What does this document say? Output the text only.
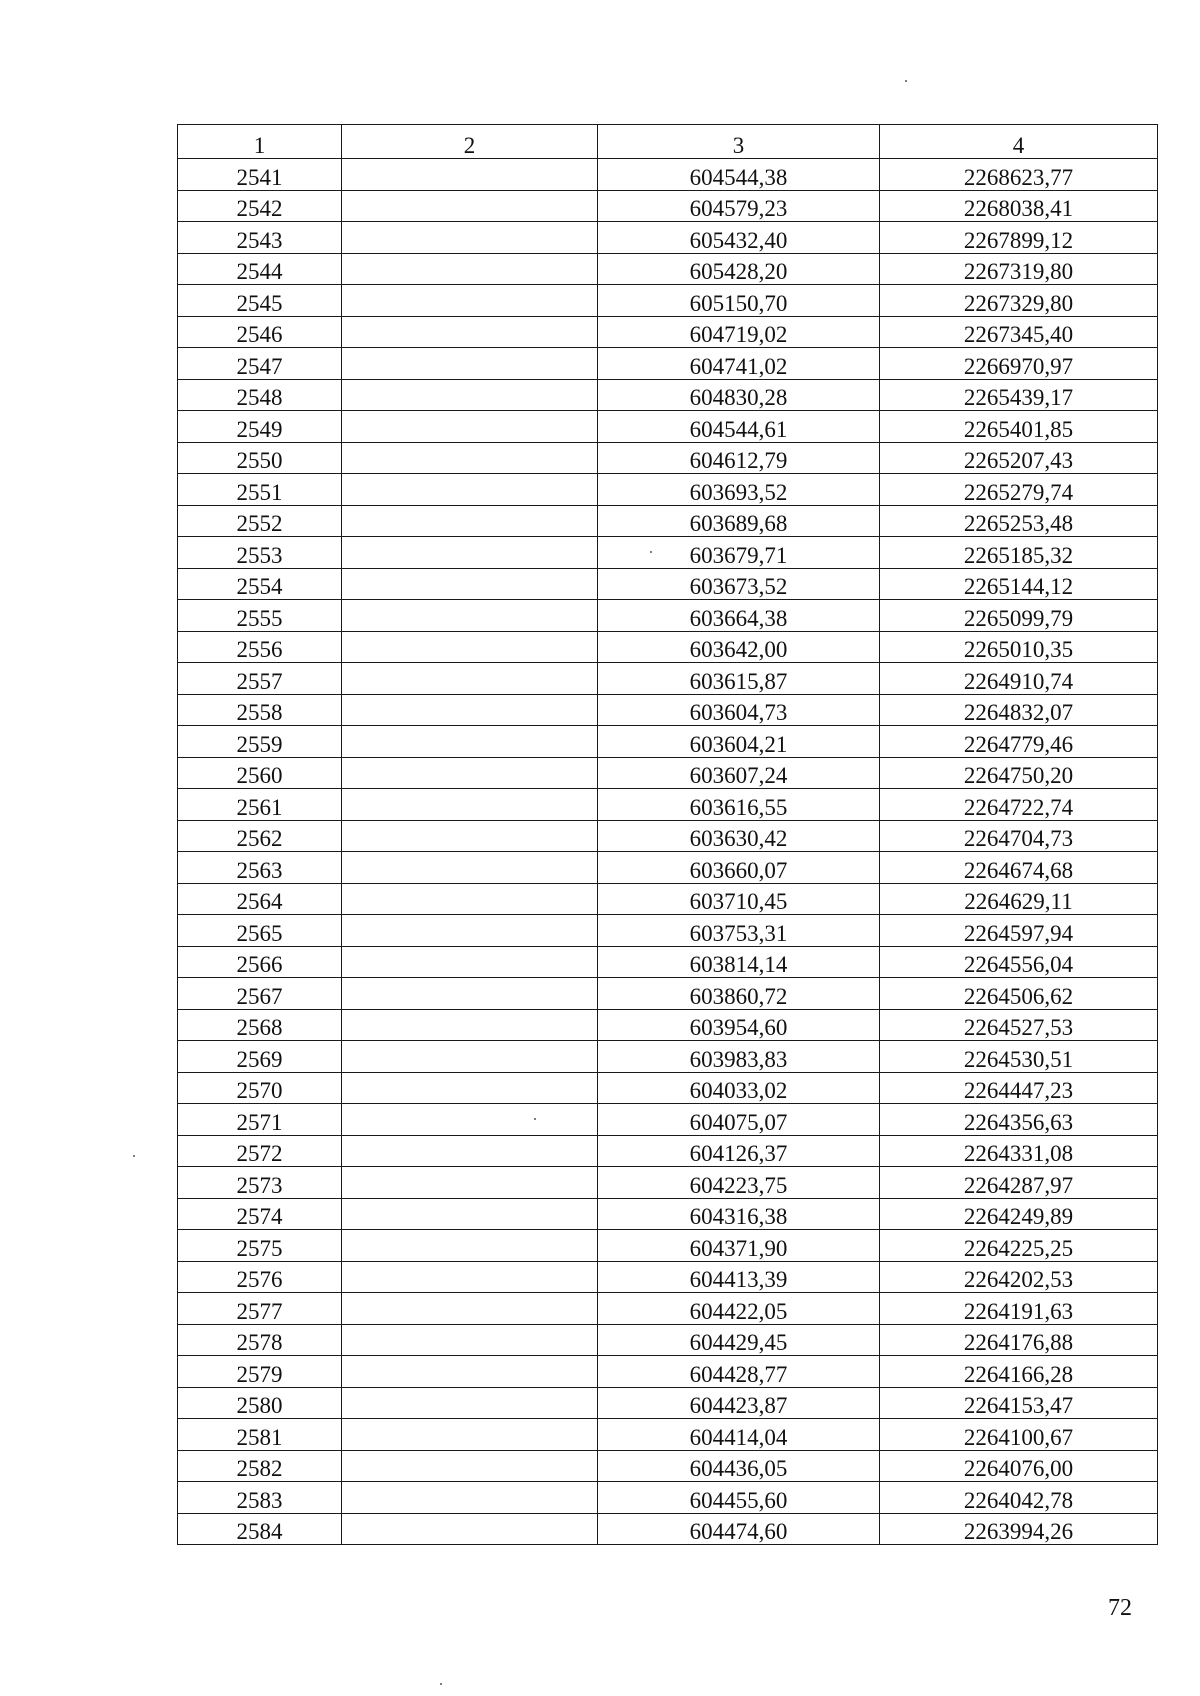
1	2	3	4
2541		604544,38	2268623,77
2542		604579,23	2268038,41
2543		605432,40	2267899,12
2544		605428,20	2267319,80
2545		605150,70	2267329,80
2546		604719,02	2267345,40
2547		604741,02	2266970,97
2548		604830,28	2265439,17
2549		604544,61	2265401,85
2550		604612,79	2265207,43
2551		603693,52	2265279,74
2552		603689,68	2265253,48
2553		603679,71	2265185,32
2554		603673,52	2265144,12
2555		603664,38	2265099,79
2556		603642,00	2265010,35
2557		603615,87	2264910,74
2558		603604,73	2264832,07
2559		603604,21	2264779,46
2560		603607,24	2264750,20
2561		603616,55	2264722,74
2562		603630,42	2264704,73
2563		603660,07	2264674,68
2564		603710,45	2264629,11
2565		603753,31	2264597,94
2566		603814,14	2264556,04
2567		603860,72	2264506,62
2568		603954,60	2264527,53
2569		603983,83	2264530,51
2570		604033,02	2264447,23
2571		604075,07	2264356,63
2572		604126,37	2264331,08
2573		604223,75	2264287,97
2574		604316,38	2264249,89
2575		604371,90	2264225,25
2576		604413,39	2264202,53
2577		604422,05	2264191,63
2578		604429,45	2264176,88
2579		604428,77	2264166,28
2580		604423,87	2264153,47
2581		604414,04	2264100,67
2582		604436,05	2264076,00
2583		604455,60	2264042,78
2584		604474,60	2263994,26
72
